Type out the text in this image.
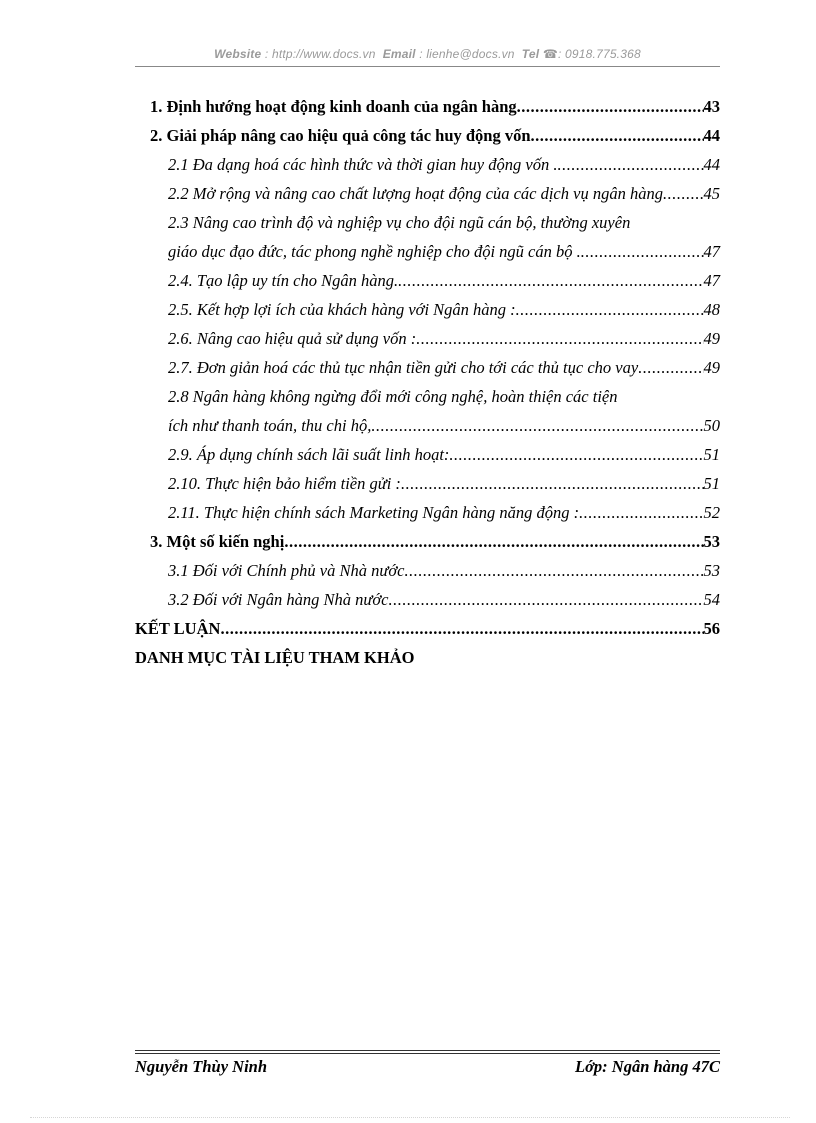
Website : http://www.docs.vn Email : lienhe@docs.vn Tel ☎: 0918.775.368
1. Định hướng hoạt động kinh doanh của ngân hàng .....	43
2. Giải pháp nâng cao hiệu quả công tác huy động vốn .....	44
2.1 Đa dạng hoá các hình thức và thời gian huy động vốn . .....	44
2.2 Mở rộng và nâng cao chất lượng hoạt động của các dịch vụ ngân hàng ..... 45
2.3 Nâng cao trình độ và nghiệp vụ cho đội ngũ cán bộ, thường xuyên
giáo dục đạo đức, tác phong nghề nghiệp cho đội ngũ cán bộ . .....	47
2.4. Tạo lập uy tín cho Ngân hàng. .....	47
2.5. Kết hợp lợi ích của khách hàng với Ngân hàng : .....	48
2.6. Nâng cao hiệu quả sử dụng vốn : .....	49
2.7. Đơn giản hoá các thủ tục nhận tiền gửi cho tới các thủ tục cho vay .....	49
2.8 Ngân hàng không ngừng đổi mới công nghệ, hoàn thiện các tiện
ích như thanh toán, thu chi hộ, .....	50
2.9. Áp dụng chính sách lãi suất linh hoạt: .....	51
2.10. Thực hiện bảo hiểm tiền gửi : .....	51
2.11. Thực hiện chính sách Marketing Ngân hàng năng động : .....	52
3. Một số kiến nghị .....	53
3.1 Đối với Chính phủ và Nhà nước .....	53
3.2 Đối với Ngân hàng Nhà nước .....	54
KẾT LUẬN .....	56
DANH MỤC TÀI LIỆU THAM KHẢO
Nguyễn Thùy Ninh	Lớp: Ngân hàng 47C
